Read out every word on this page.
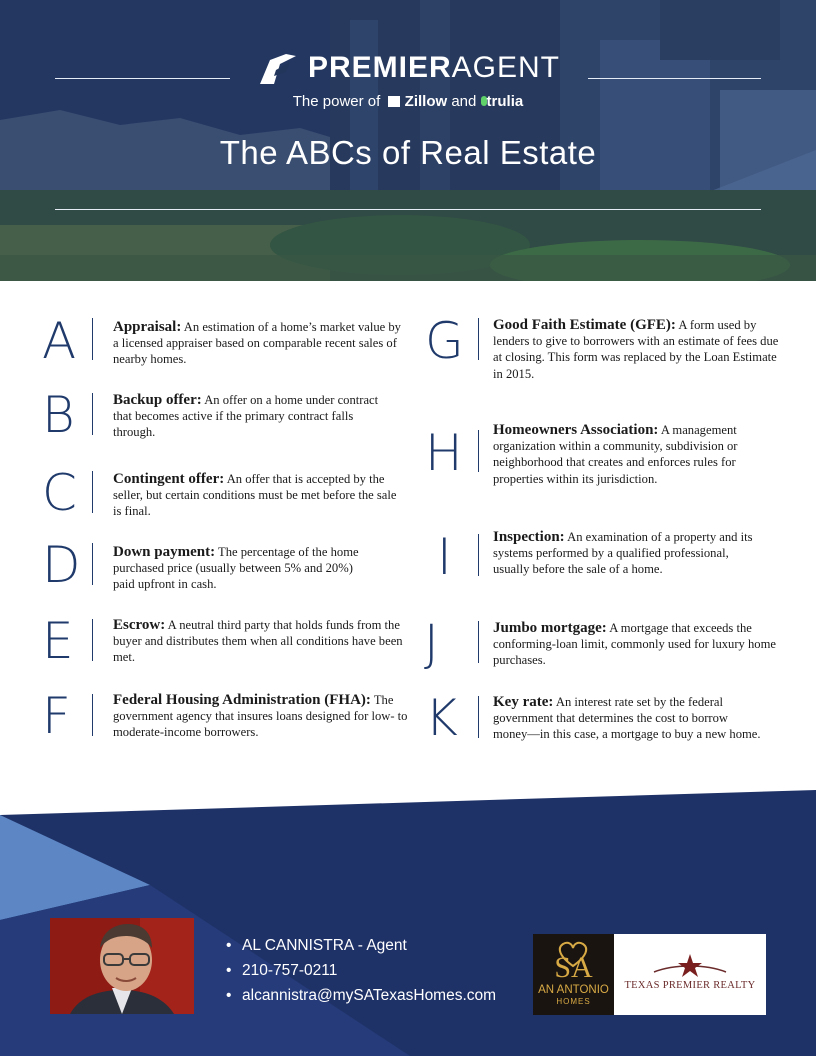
PREMIERAGENT
The power of Zillow and trulia
The ABCs of Real Estate
A Appraisal: An estimation of a home’s market value by a licensed appraiser based on comparable recent sales of nearby homes.
B	Backup offer: An offer on a home under contract that becomes active if the primary contract falls through.
C Contingent offer: An offer that is accepted by the seller, but certain conditions must be met before the sale is final.
D Down payment: The percentage of the home purchased price (usually between 5% and 20%) paid upfront in cash.
E	Escrow: A neutral third party that holds funds from the buyer and distributes them when all conditions have been met.
F	Federal Housing Administration (FHA): The government agency that insures loans designed for low- to moderate-income borrowers.
G Good Faith Estimate (GFE): A form used by lenders to give to borrowers with an estimate of fees due at closing. This form was replaced by the Loan Estimate in 2015.
H Homeowners Association: A management organization within a community, subdivision or neighborhood that creates and enforces rules for properties within its jurisdiction.
I	Inspection: An examination of a property and its systems performed by a qualified professional, usually before the sale of a home.
J	Jumbo mortgage: A mortgage that exceeds the conforming-loan limit, commonly used for luxury home purchases.
K Key rate: An interest rate set by the federal government that determines the cost to borrow money—in this case, a mortgage to buy a new home.
• AL CANNISTRA - Agent
• 210-757-0211
• alcannistra@mySATexasHomes.com
SA
AN ANTONIO
HOMES
TEXAS PREMIER REALTY
